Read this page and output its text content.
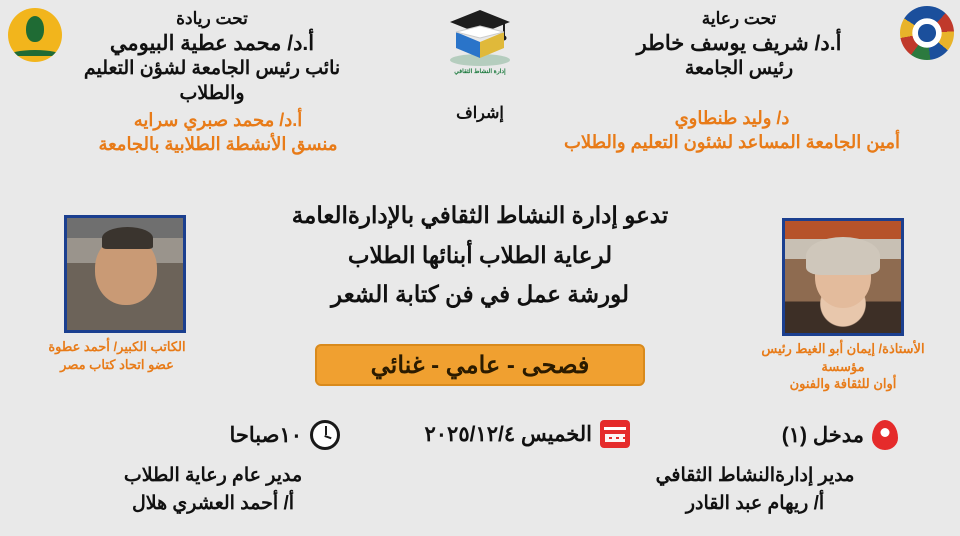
إدارة النشاط الثقافي
تحت رعاية
أ.د/ شريف يوسف خاطر
رئيس الجامعة
د/ وليد طنطاوي
أمين الجامعة المساعد لشئون التعليم والطلاب
إشراف
تحت ريادة
أ.د/ محمد عطية البيومي
نائب رئيس الجامعة لشؤن التعليم والطلاب
أ.د/ محمد صبري سرايه
منسق الأنشطة الطلابية بالجامعة
تدعو إدارة النشاط الثقافي بالإدارةالعامة
لرعاية الطلاب أبنائها الطلاب
لورشة عمل في فن كتابة الشعر
فصحى - عامي - غنائي
الأستاذة/ إيمان أبو الغيط رئيس مؤسسة
أوان للثقافة والفنون
الكاتب الكبير/ أحمد عطوة
عضو اتحاد كتاب مصر
مدخل (١)
الخميس ٢٠٢٥/١٢/٤
١٠صباحا
مدير إدارةالنشاط الثقافي
أ/ ريهام عبد القادر
مدير عام رعاية الطلاب
أ/ أحمد العشري هلال
